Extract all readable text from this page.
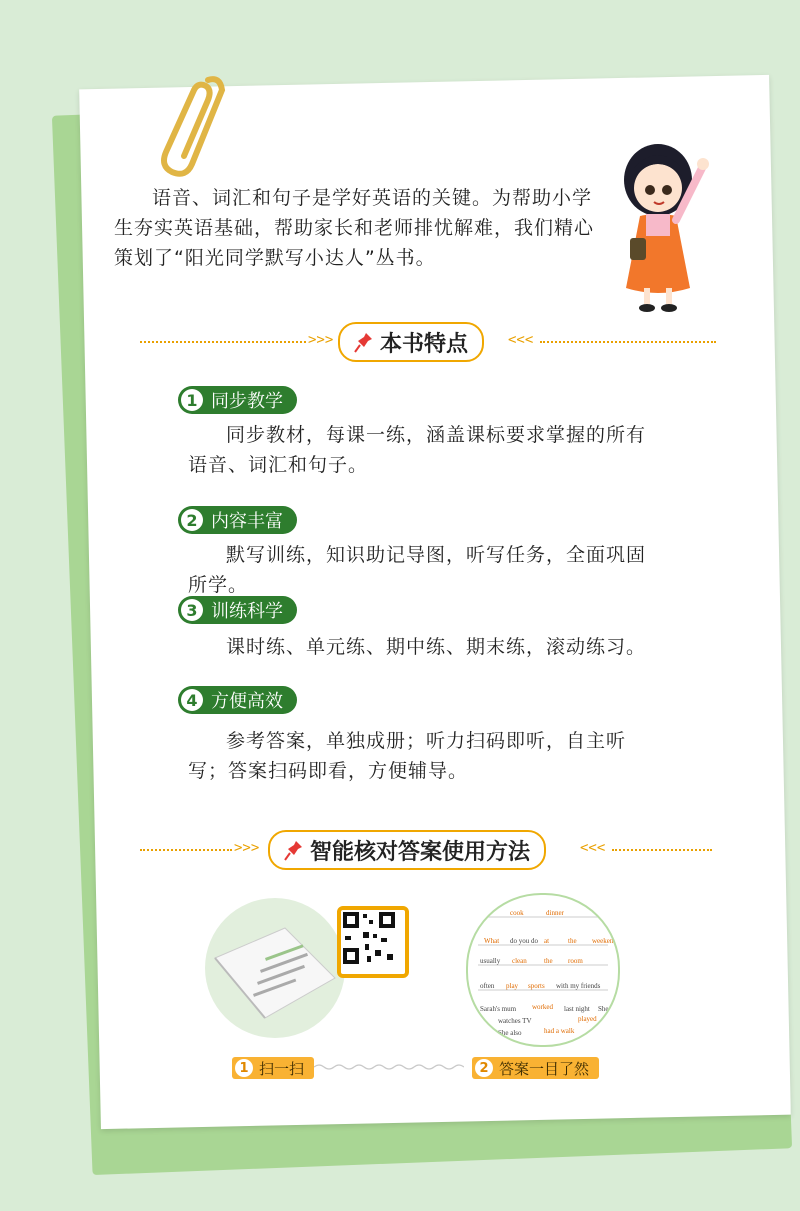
语音、词汇和句子是学好英语的关键。为帮助小学生夯实英语基础，帮助家长和老师排忧解难，我们精心策划了“阳光同学默写小达人”丛书。
>>> 本书特点	<<<
1 同步教学
同步教材，每课一练，涵盖课标要求掌握的所有语音、词汇和句子。
2 内容丰富
默写训练，知识助记导图，听写任务，全面巩固所学。
3 训练科学
课时练、单元练、期中练、期末练，滚动练习。
4 方便高效
参考答案，单独成册；听力扫码即听，自主听写；答案扫码即看，方便辅导。
>>> 智能核对答案使用方法	<<<
cook	dinner
What do you do at	the weekend
usually clean the room
often play sports with my friends
Sarah's mum worked last night She
watches TV	played
She also	had a walk
1 扫一扫	2 答案一目了然
